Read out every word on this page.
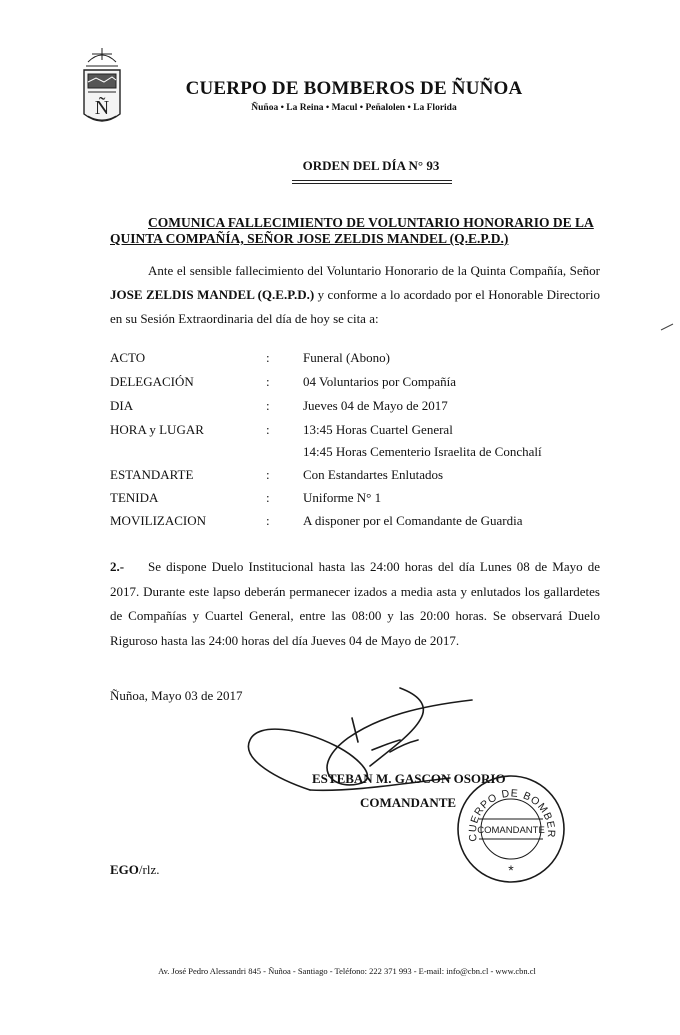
Ñ
CUERPO DE BOMBEROS DE ÑUÑOA
Ñuñoa • La Reina • Macul • Peñalolen • La Florida
ORDEN DEL DÍA N° 93
COMUNICA FALLECIMIENTO DE VOLUNTARIO HONORARIO DE LA QUINTA COMPAÑÍA, SEÑOR JOSE ZELDIS MANDEL (Q.E.P.D.)
Ante el sensible fallecimiento del Voluntario Honorario de la Quinta Compañía, Señor JOSE ZELDIS MANDEL (Q.E.P.D.) y conforme a lo acordado por el Honorable Directorio en su Sesión Extraordinaria del día de hoy se cita a:
ACTO	:	Funeral (Abono)
DELEGACIÓN	:	04 Voluntarios por Compañía
DIA	:	Jueves 04 de Mayo de 2017
HORA y LUGAR	:	13:45 Horas Cuartel General
14:45 Horas Cementerio Israelita de Conchalí
ESTANDARTE	:	Con Estandartes Enlutados
TENIDA	:	Uniforme N° 1
MOVILIZACION	:	A disponer por el Comandante de Guardia
2.- Se dispone Duelo Institucional hasta las 24:00 horas del día Lunes 08 de Mayo de 2017. Durante este lapso deberán permanecer izados a media asta y enlutados los gallardetes de Compañías y Cuartel General, entre las 08:00 y las 20:00 horas. Se observará Duelo Riguroso hasta las 24:00 horas del día Jueves 04 de Mayo de 2017.
Ñuñoa, Mayo 03 de 2017
ESTEBAN M. GASCON OSORIO
COMANDANTE
CUERPO DE BOMBER
COMANDANTE
*
EGO/rlz.
Av. José Pedro Alessandri 845 - Ñuñoa - Santiago - Teléfono: 222 371 993 - E-mail: info@cbn.cl - www.cbn.cl
